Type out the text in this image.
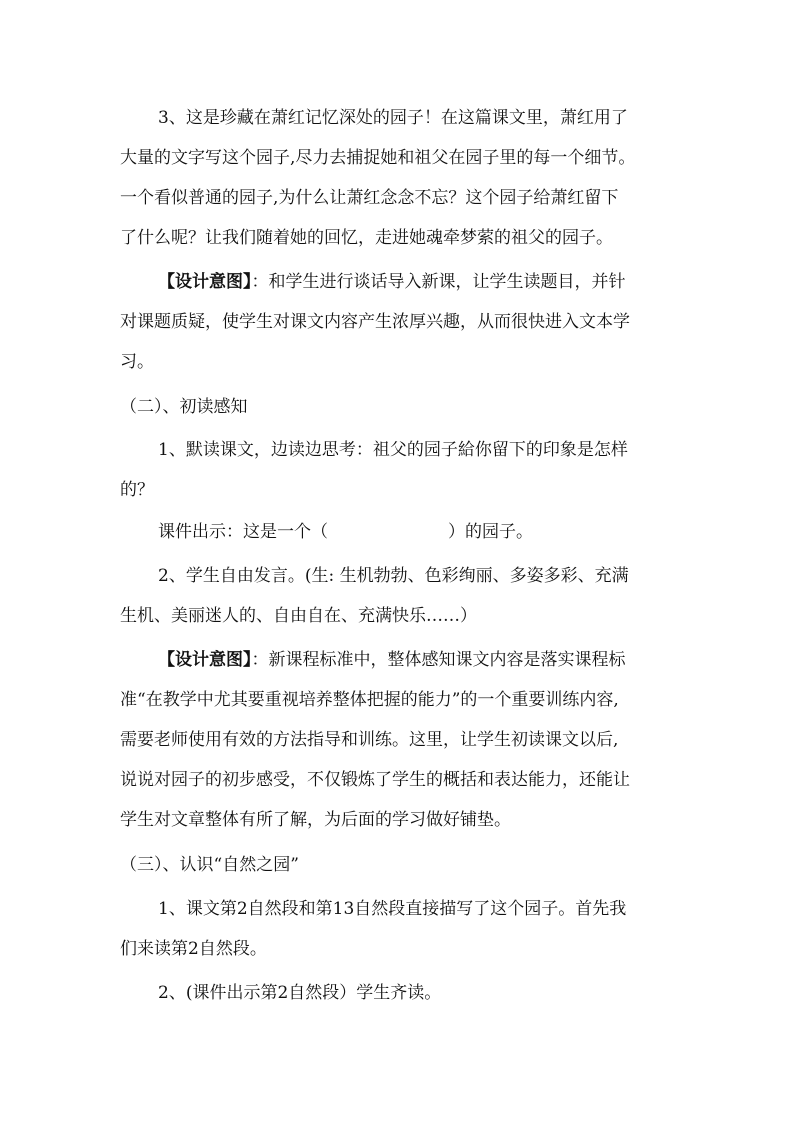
3、这是珍藏在萧红记忆深处的园子！在这篇课文里，萧红用了
大量的文字写这个园子,尽力去捕捉她和祖父在园子里的每一个细节。
一个看似普通的园子,为什么让萧红念念不忘？这个园子给萧红留下
了什么呢？让我们随着她的回忆，走进她魂牵梦萦的祖父的园子。
【设计意图】：和学生进行谈话导入新课，让学生读题目，并针
对课题质疑，使学生对课文内容产生浓厚兴趣，从而很快进入文本学
习。
（二）、初读感知
1、默读课文，边读边思考：祖父的园子給你留下的印象是怎样
的？
课件出示：这是一个（	）的园子。
2、学生自由发言。(生: 生机勃勃、色彩绚丽、多姿多彩、充满
生机、美丽迷人的、自由自在、充满快乐……）
【设计意图】：新课程标准中，整体感知课文内容是落实课程标
准“在教学中尤其要重视培养整体把握的能力”的一个重要训练内容,
需要老师使用有效的方法指导和训练。这里，让学生初读课文以后,
说说对园子的初步感受，不仅锻炼了学生的概括和表达能力，还能让
学生对文章整体有所了解，为后面的学习做好铺垫。
（三）、认识“自然之园”
1、课文第2自然段和第13自然段直接描写了这个园子。首先我
们来读第2自然段。
2、(课件出示第2自然段）学生齐读。
